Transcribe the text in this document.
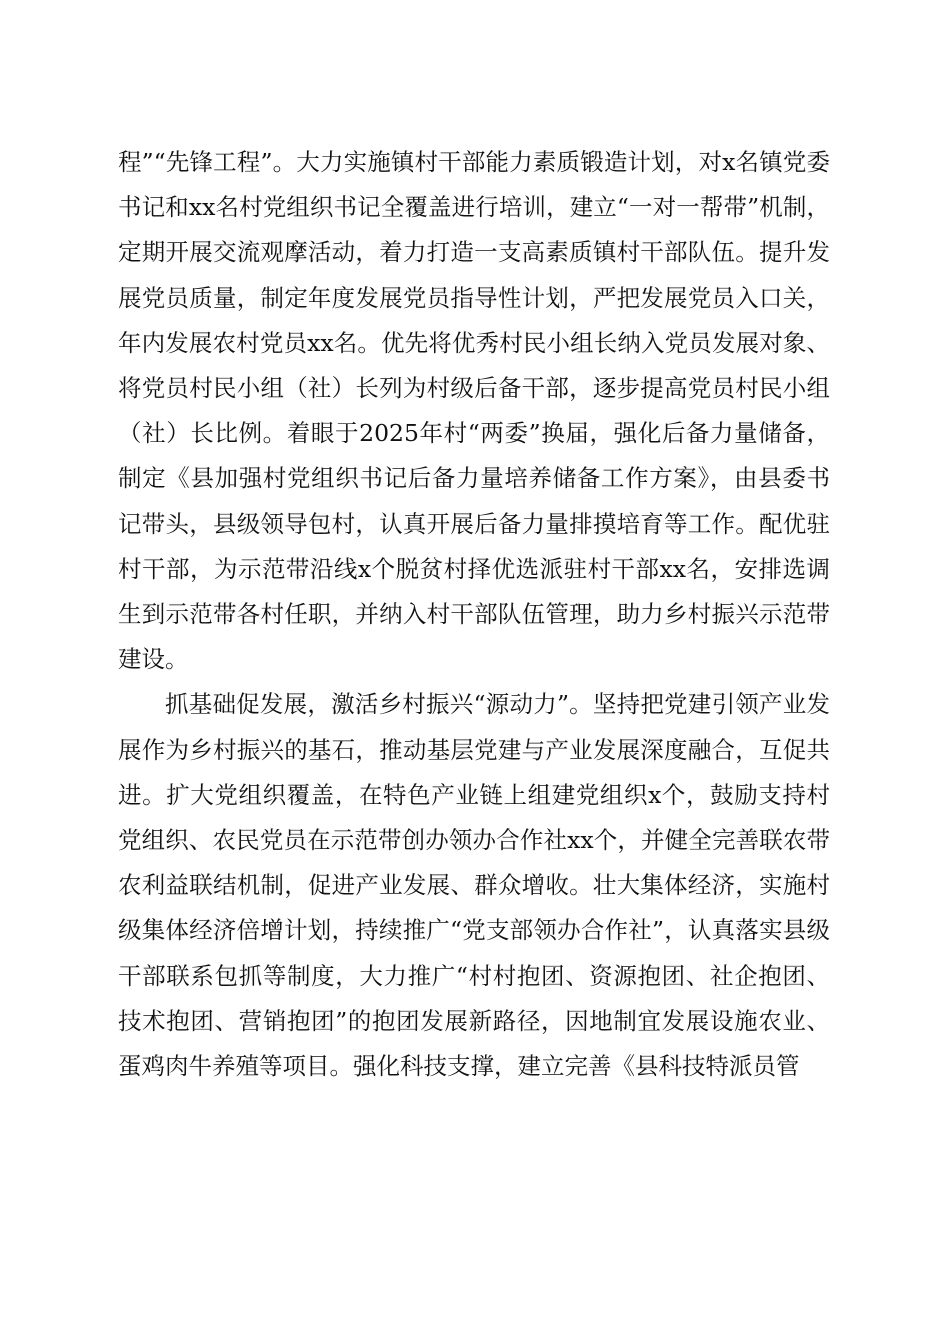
程”“先锋工程”。大力实施镇村干部能力素质锻造计划，对x名镇党委书记和xx名村党组织书记全覆盖进行培训，建立“一对一帮带”机制，定期开展交流观摩活动，着力打造一支高素质镇村干部队伍。提升发展党员质量，制定年度发展党员指导性计划，严把发展党员入口关，年内发展农村党员xx名。优先将优秀村民小组长纳入党员发展对象、将党员村民小组（社）长列为村级后备干部，逐步提高党员村民小组（社）长比例。着眼于2025年村“两委”换届，强化后备力量储备，制定《县加强村党组织书记后备力量培养储备工作方案》，由县委书记带头，县级领导包村，认真开展后备力量排摸培育等工作。配优驻村干部，为示范带沿线x个脱贫村择优选派驻村干部xx名，安排选调生到示范带各村任职，并纳入村干部队伍管理，助力乡村振兴示范带建设。

抓基础促发展，激活乡村振兴“源动力”。坚持把党建引领产业发展作为乡村振兴的基石，推动基层党建与产业发展深度融合，互促共进。扩大党组织覆盖，在特色产业链上组建党组织x个，鼓励支持村党组织、农民党员在示范带创办领办合作社xx个，并健全完善联农带农利益联结机制，促进产业发展、群众增收。壮大集体经济，实施村级集体经济倍增计划，持续推广“党支部领办合作社”，认真落实县级干部联系包抓等制度，大力推广“村村抱团、资源抱团、社企抱团、技术抱团、营销抱团”的抱团发展新路径，因地制宜发展设施农业、蛋鸡肉牛养殖等项目。强化科技支撑，建立完善《县科技特派员管
